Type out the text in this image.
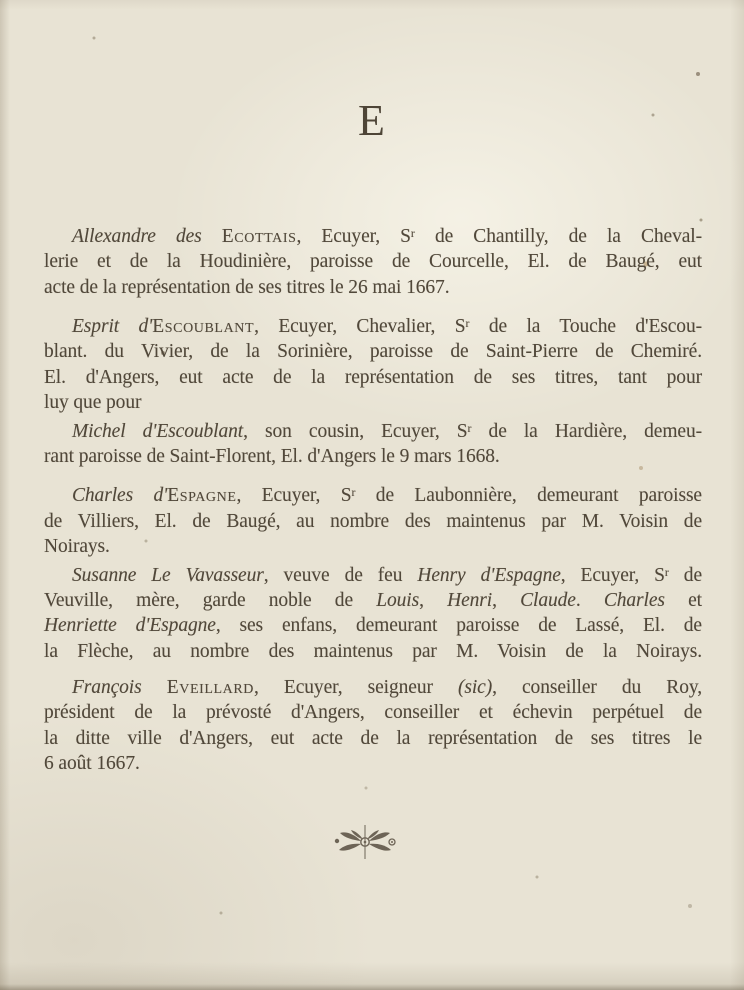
E
Allexandre des Ecottais, Ecuyer, $S^r$ de Chantilly, de la Cheval-
lerie et de la Houdinière, paroisse de Courcelle, El. de Baugé, eut
acte de la représentation de ses titres le 26 mai 1667.
Esprit d'Escoublant, Ecuyer, Chevalier, $S^r$ de la Touche d'Escou-
blant. du Vivier, de la Sorinière, paroisse de Saint-Pierre de Chemiré.
El. d'Angers, eut acte de la représentation de ses titres, tant pour
luy que pour
Michel d'Escoublant, son cousin, Ecuyer, $S^r$ de la Hardière, demeu-
rant paroisse de Saint-Florent, El. d'Angers le 9 mars 1668.
Charles d'Espagne, Ecuyer, $S^r$ de Laubonnière, demeurant paroisse
de Villiers, El. de Baugé, au nombre des maintenus par M. Voisin de
Noirays.
Susanne Le Vavasseur, veuve de feu Henry d'Espagne, Ecuyer, $S^r$ de
Veuville, mère, garde noble de Louis, Henri, Claude. Charles et
Henriette d'Espagne, ses enfans, demeurant paroisse de Lassé, El. de
la Flèche, au nombre des maintenus par M. Voisin de la Noirays.
François Eveillard, Ecuyer, seigneur (sic), conseiller du Roy,
président de la prévosté d'Angers, conseiller et échevin perpétuel de
la ditte ville d'Angers, eut acte de la représentation de ses titres le
6 août 1667.
